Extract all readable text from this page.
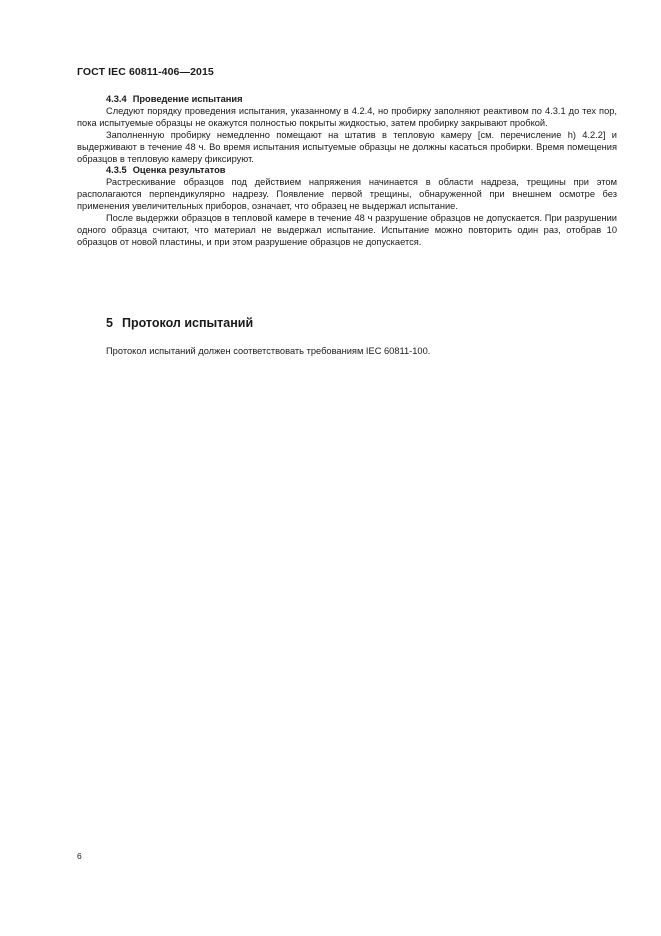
ГОСТ IEC 60811-406—2015
4.3.4 Проведение испытания

Следуют порядку проведения испытания, указанному в 4.2.4, но пробирку заполняют реактивом по 4.3.1 до тех пор, пока испытуемые образцы не окажутся полностью покрыты жидкостью, затем пробирку закрывают пробкой.

Заполненную пробирку немедленно помещают на штатив в тепловую камеру [см. перечисление h) 4.2.2] и выдерживают в течение 48 ч. Во время испытания испытуемые образцы не должны касаться пробирки. Время помещения образцов в тепловую камеру фиксируют.

4.3.5 Оценка результатов

Растрескивание образцов под действием напряжения начинается в области надреза, трещины при этом располагаются перпендикулярно надрезу. Появление первой трещины, обнаруженной при внешнем осмотре без применения увеличительных приборов, означает, что образец не выдержал испытание.

После выдержки образцов в тепловой камере в течение 48 ч разрушение образцов не допускается. При разрушении одного образца считают, что материал не выдержал испытание. Испытание можно повторить один раз, отобрав 10 образцов от новой пластины, и при этом разрушение образцов не допускается.

5 Протокол испытаний

Протокол испытаний должен соответствовать требованиям IEC 60811-100.

6
